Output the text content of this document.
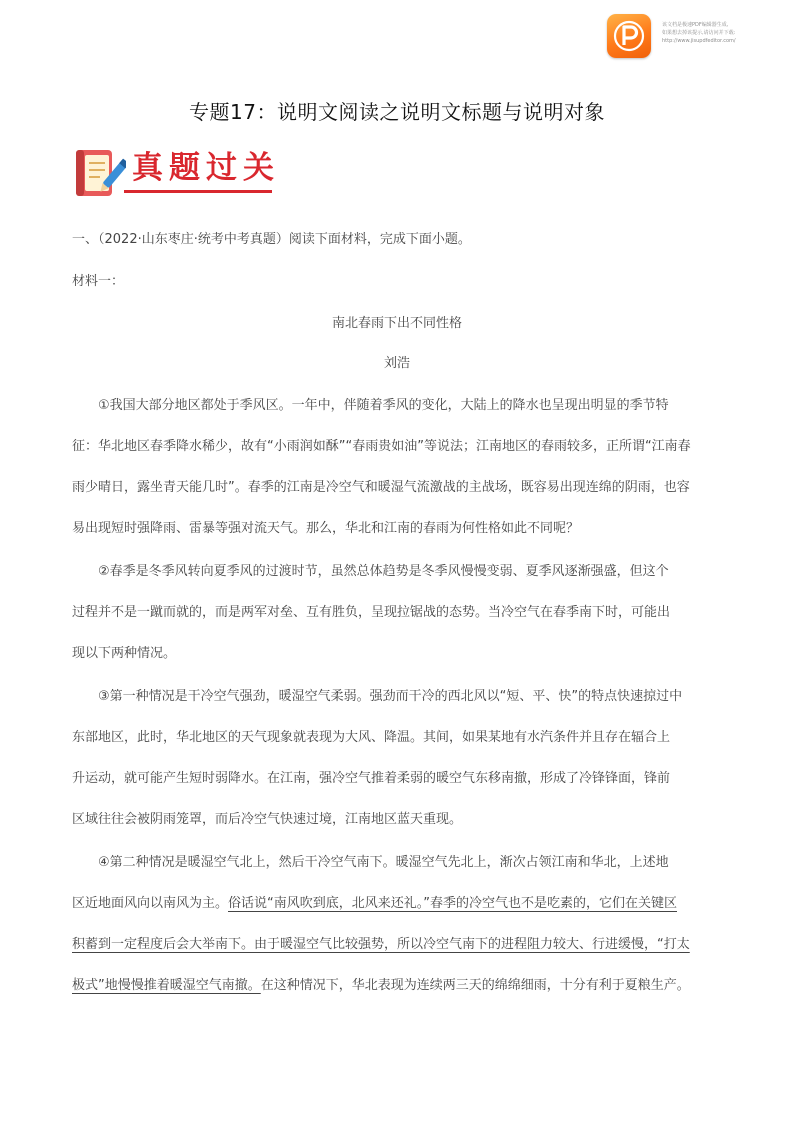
该文档是极速PDF编辑器生成,
如果想去掉该提示,请访问并下载:
http://www.jisupdfeditor.com/
专题17：说明文阅读之说明文标题与说明对象
真题过关
一、（2022·山东枣庄·统考中考真题）阅读下面材料，完成下面小题。
材料一：
南北春雨下出不同性格
刘浩
①我国大部分地区都处于季风区。一年中，伴随着季风的变化，大陆上的降水也呈现出明显的季节特
征：华北地区春季降水稀少，故有“小雨润如酥”“春雨贵如油”等说法；江南地区的春雨较多，正所谓“江南春
雨少晴日，露坐青天能几时”。春季的江南是冷空气和暖湿气流激战的主战场，既容易出现连绵的阴雨，也容
易出现短时强降雨、雷暴等强对流天气。那么，华北和江南的春雨为何性格如此不同呢？
②春季是冬季风转向夏季风的过渡时节，虽然总体趋势是冬季风慢慢变弱、夏季风逐渐强盛，但这个
过程并不是一蹴而就的，而是两军对垒、互有胜负，呈现拉锯战的态势。当冷空气在春季南下时，可能出
现以下两种情况。
③第一种情况是干冷空气强劲，暖湿空气柔弱。强劲而干冷的西北风以“短、平、快”的特点快速掠过中
东部地区，此时，华北地区的天气现象就表现为大风、降温。其间，如果某地有水汽条件并且存在辐合上
升运动，就可能产生短时弱降水。在江南，强冷空气推着柔弱的暖空气东移南撤，形成了冷锋锋面，锋前
区域往往会被阴雨笼罩，而后冷空气快速过境，江南地区蓝天重现。
④第二种情况是暖湿空气北上，然后干冷空气南下。暖湿空气先北上，渐次占领江南和华北，上述地
区近地面风向以南风为主。俗话说“南风吹到底，北风来还礼。”春季的冷空气也不是吃素的，它们在关键区
积蓄到一定程度后会大举南下。由于暖湿空气比较强势，所以冷空气南下的进程阻力较大、行进缓慢，“打太
极式”地慢慢推着暖湿空气南撤。在这种情况下，华北表现为连续两三天的绵绵细雨，十分有利于夏粮生产。
